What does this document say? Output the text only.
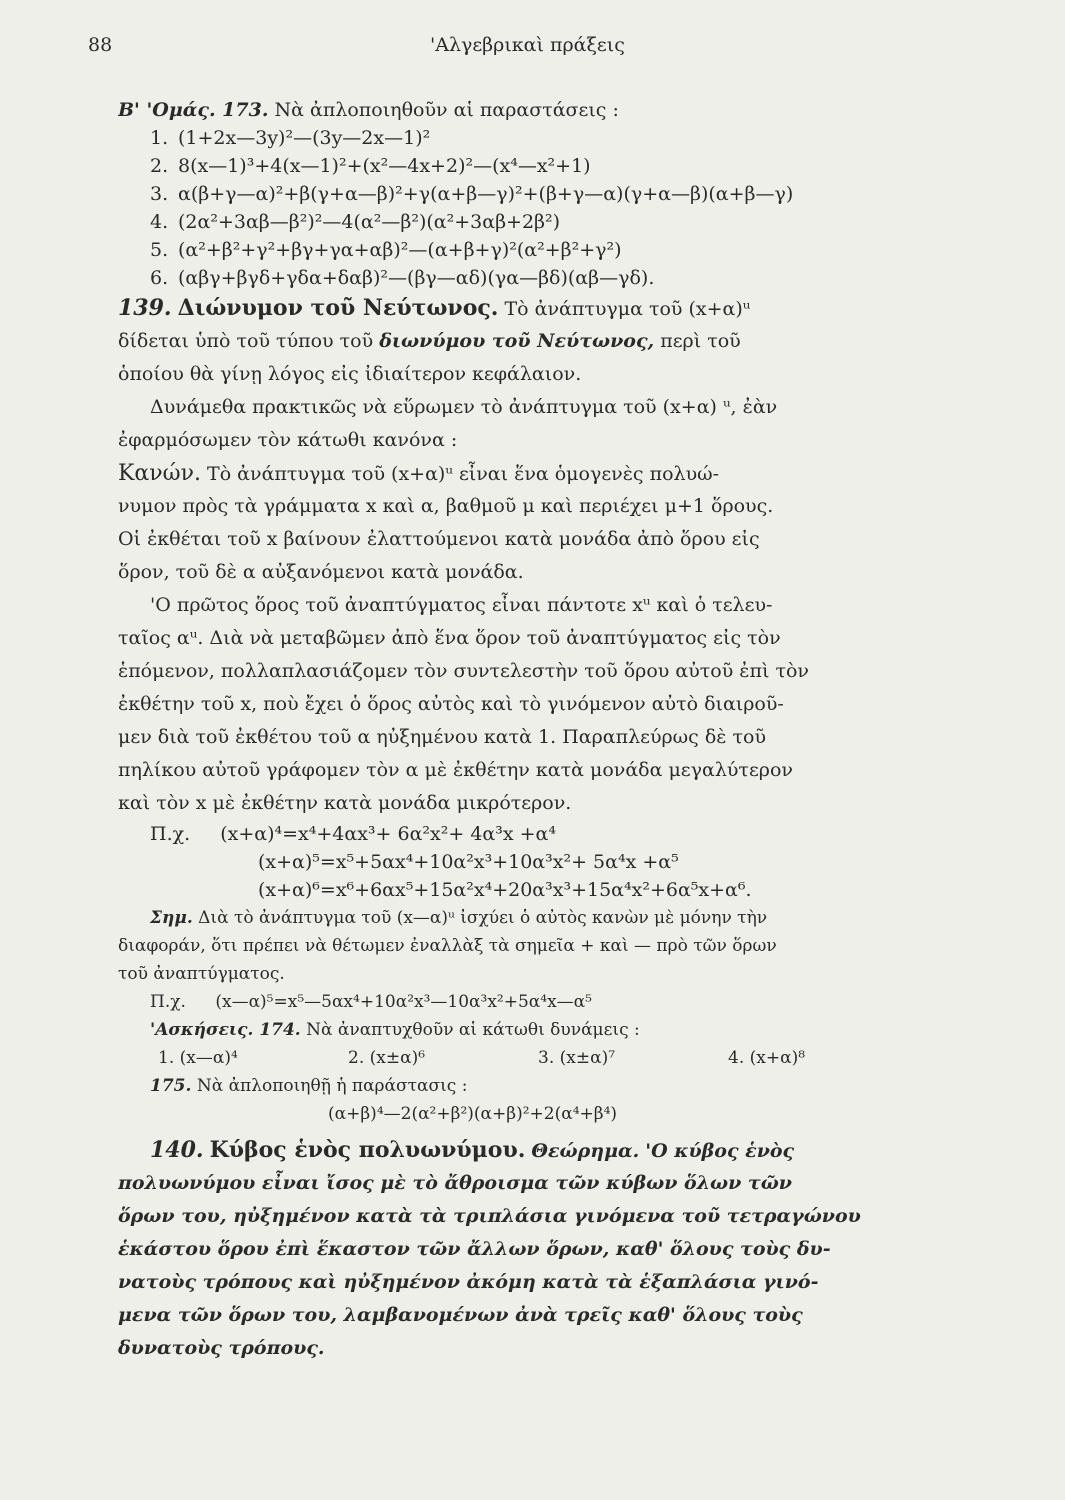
88	'Αλγεβρικαὶ πράξεις
Β' 'Ομάς. 173. Νὰ ἀπλοποιηθοῦν αἱ παραστάσεις :
1. (1+2x—3y)²—(3y—2x—1)²
2. 8(x—1)³+4(x—1)²+(x²—4x+2)²—(x⁴—x²+1)
3. α(β+γ—α)²+β(γ+α—β)²+γ(α+β—γ)²+(β+γ—α)(γ+α—β)(α+β—γ)
4. (2α²+3αβ—β²)²—4(α²—β²)(α²+3αβ+2β²)
5. (α²+β²+γ²+βγ+γα+αβ)²—(α+β+γ)²(α²+β²+γ²)
6. (αβγ+βγδ+γδα+δαβ)²—(βγ—αδ)(γα—βδ)(αβ—γδ).
139. Διώνυμον τοῦ Νεύτωνος. Τὸ ἀνάπτυγμα τοῦ (x+α)ᵘ
δίδεται ὑπὸ τοῦ τύπου τοῦ διωνύμου τοῦ Νεύτωνος, περὶ τοῦ
ὁποίου θὰ γίνῃ λόγος εἰς ἰδιαίτερον κεφάλαιον.
Δυνάμεθα πρακτικῶς νὰ εὕρωμεν τὸ ἀνάπτυγμα τοῦ (x+α) ᵘ, ἐὰν
ἐφαρμόσωμεν τὸν κάτωθι κανόνα :
Κανών. Τὸ ἀνάπτυγμα τοῦ (x+α)ᵘ εἶναι ἕνα ὁμογενὲς πολυώ-
νυμον πρὸς τὰ γράμματα x καὶ α, βαθμοῦ μ καὶ περιέχει μ+1 ὅρους.
Οἱ ἐκθέται τοῦ x βαίνουν ἐλαττούμενοι κατὰ μονάδα ἀπὸ ὅρου εἰς
ὅρον, τοῦ δὲ α αὐξανόμενοι κατὰ μονάδα.
'Ο πρῶτος ὅρος τοῦ ἀναπτύγματος εἶναι πάντοτε xᵘ καὶ ὁ τελευ-
ταῖος αᵘ. Διὰ νὰ μεταβῶμεν ἀπὸ ἕνα ὅρον τοῦ ἀναπτύγματος εἰς τὸν
ἑπόμενον, πολλαπλασιάζομεν τὸν συντελεστὴν τοῦ ὅρου αὐτοῦ ἐπὶ τὸν
ἐκθέτην τοῦ x, ποὺ ἔχει ὁ ὅρος αὐτὸς καὶ τὸ γινόμενον αὐτὸ διαιροῦ-
μεν διὰ τοῦ ἐκθέτου τοῦ α ηὐξημένου κατὰ 1. Παραπλεύρως δὲ τοῦ
πηλίκου αὐτοῦ γράφομεν τὸν α μὲ ἐκθέτην κατὰ μονάδα μεγαλύτερον
καὶ τὸν x μὲ ἐκθέτην κατὰ μονάδα μικρότερον.
Π.χ. (x+α)⁴=x⁴+4αx³+ 6α²x²+ 4α³x +α⁴
(x+α)⁵=x⁵+5αx⁴+10α²x³+10α³x²+ 5α⁴x +α⁵
(x+α)⁶=x⁶+6αx⁵+15α²x⁴+20α³x³+15α⁴x²+6α⁵x+α⁶.
Σημ. Διὰ τὸ ἀνάπτυγμα τοῦ (x—α)ᵘ ἰσχύει ὁ αὐτὸς κανὼν μὲ μόνην τὴν
διαφοράν, ὅτι πρέπει νὰ θέτωμεν ἐναλλὰξ τὰ σημεῖα + καὶ — πρὸ τῶν ὅρων
τοῦ ἀναπτύγματος.
Π.χ. (x—α)⁵=x⁵—5αx⁴+10α²x³—10α³x²+5α⁴x—α⁵
'Ασκήσεις. 174. Νὰ ἀναπτυχθοῦν αἱ κάτωθι δυνάμεις :
1. (x—α)⁴	2. (x±α)⁶	3. (x±α)⁷	4. (x+α)⁸
175. Νὰ ἀπλοποιηθῇ ἡ παράστασις :
(α+β)⁴—2(α²+β²)(α+β)²+2(α⁴+β⁴)
140. Κύβος ἑνὸς πολυωνύμου. Θεώρημα. 'Ο κύβος ἑνὸς
πολυωνύμου εἶναι ἴσος μὲ τὸ ἄθροισμα τῶν κύβων ὅλων τῶν
ὅρων του, ηὐξημένον κατὰ τὰ τριπλάσια γινόμενα τοῦ τετραγώνου
ἑκάστου ὅρου ἐπὶ ἕκαστον τῶν ἄλλων ὅρων, καθ' ὅλους τοὺς δυ-
νατοὺς τρόπους καὶ ηὐξημένον ἀκόμη κατὰ τὰ ἑξαπλάσια γινό-
μενα τῶν ὅρων του, λαμβανομένων ἀνὰ τρεῖς καθ' ὅλους τοὺς
δυνατοὺς τρόπους.
